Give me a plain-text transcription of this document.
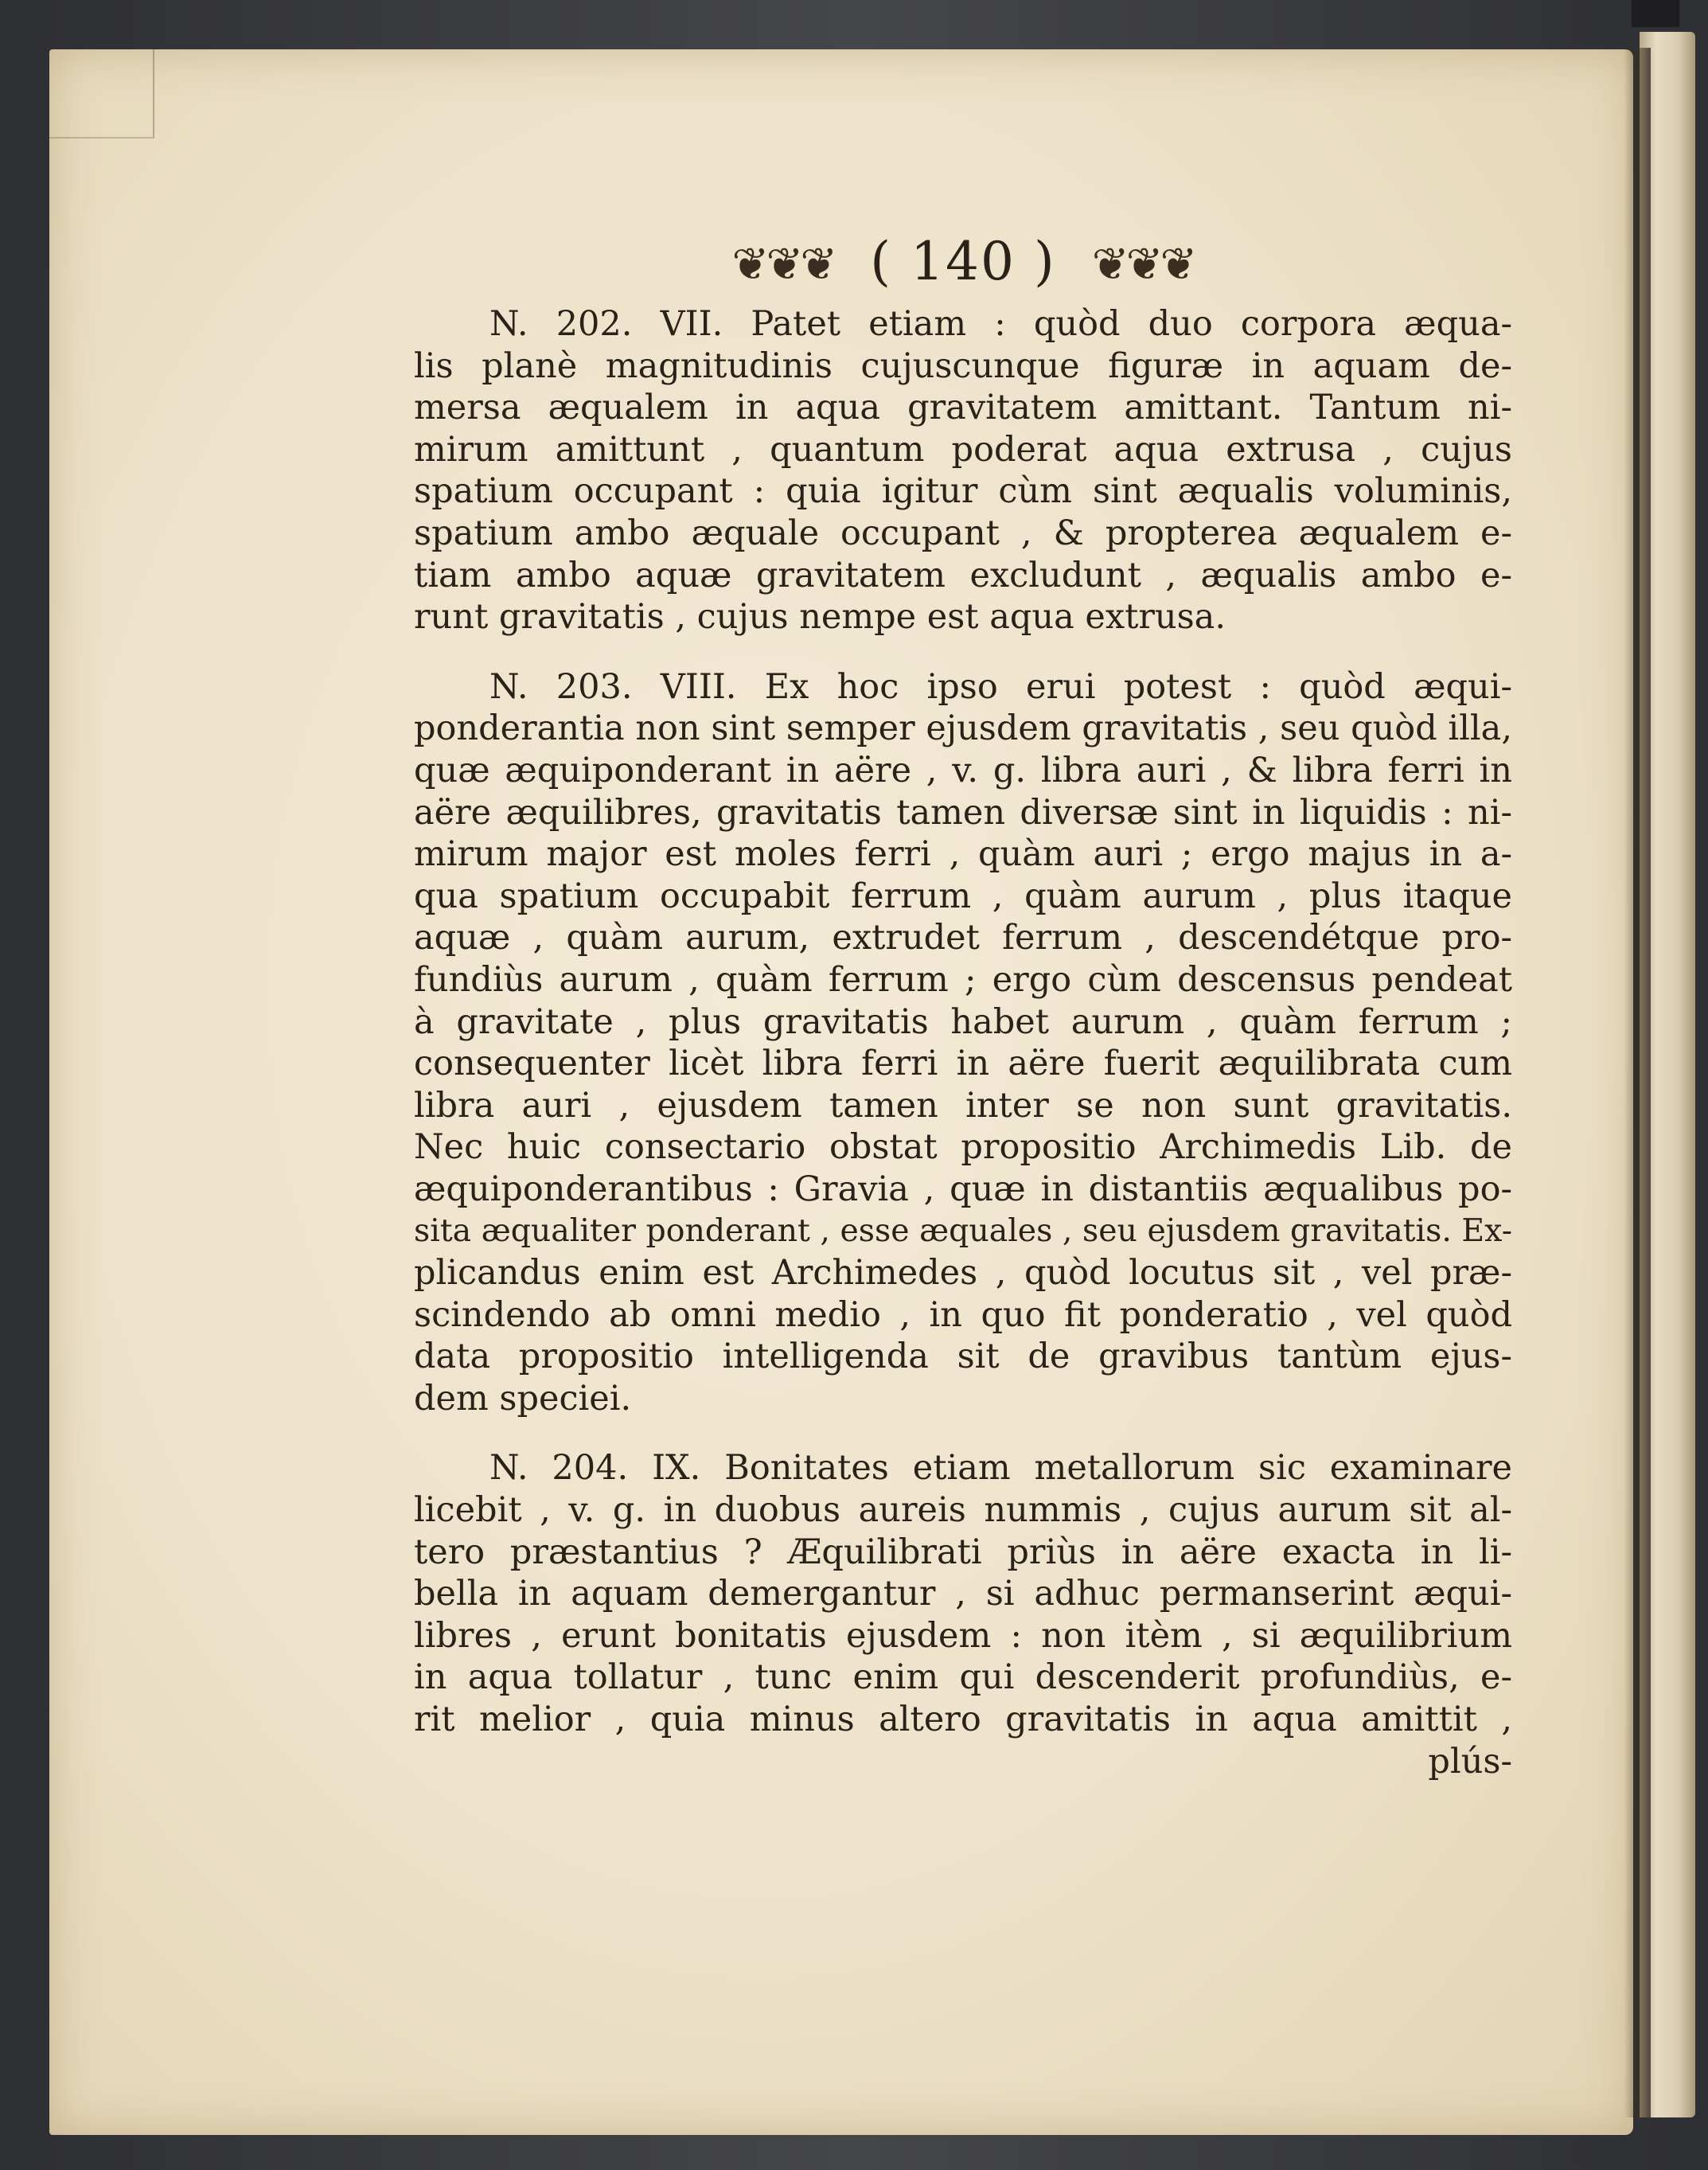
❦❦❦ ( 140 ) ❦❦❦
N. 202. VII. Patet etiam : quòd duo corpora æqua-
lis planè magnitudinis cujuscunque figuræ in aquam de-
mersa æqualem in aqua gravitatem amittant. Tantum ni-
mirum amittunt , quantum poderat aqua extrusa , cujus
spatium occupant : quia igitur cùm sint æqualis voluminis,
spatium ambo æquale occupant , & propterea æqualem e-
tiam ambo aquæ gravitatem excludunt , æqualis ambo e-
runt gravitatis , cujus nempe est aqua extrusa.
N. 203. VIII. Ex hoc ipso erui potest : quòd æqui-
ponderantia non sint semper ejusdem gravitatis , seu quòd illa,
quæ æquiponderant in aëre , v. g. libra auri , & libra ferri in
aëre æquilibres, gravitatis tamen diversæ sint in liquidis : ni-
mirum major est moles ferri , quàm auri ; ergo majus in a-
qua spatium occupabit ferrum , quàm aurum , plus itaque
aquæ , quàm aurum, extrudet ferrum , descendétque pro-
fundiùs aurum , quàm ferrum ; ergo cùm descensus pendeat
à gravitate , plus gravitatis habet aurum , quàm ferrum ;
consequenter licèt libra ferri in aëre fuerit æquilibrata cum
libra auri , ejusdem tamen inter se non sunt gravitatis.
Nec huic consectario obstat propositio Archimedis Lib. de
æquiponderantibus : Gravia , quæ in distantiis æqualibus po-
sita æqualiter ponderant , esse æquales , seu ejusdem gravitatis. Ex-
plicandus enim est Archimedes , quòd locutus sit , vel præ-
scindendo ab omni medio , in quo fit ponderatio , vel quòd
data propositio intelligenda sit de gravibus tantùm ejus-
dem speciei.
N. 204. IX. Bonitates etiam metallorum sic examinare
licebit , v. g. in duobus aureis nummis , cujus aurum sit al-
tero præstantius ? Æquilibrati priùs in aëre exacta in li-
bella in aquam demergantur , si adhuc permanserint æqui-
libres , erunt bonitatis ejusdem : non itèm , si æquilibrium
in aqua tollatur , tunc enim qui descenderit profundiùs, e-
rit melior , quia minus altero gravitatis in aqua amittit ,
plús-
